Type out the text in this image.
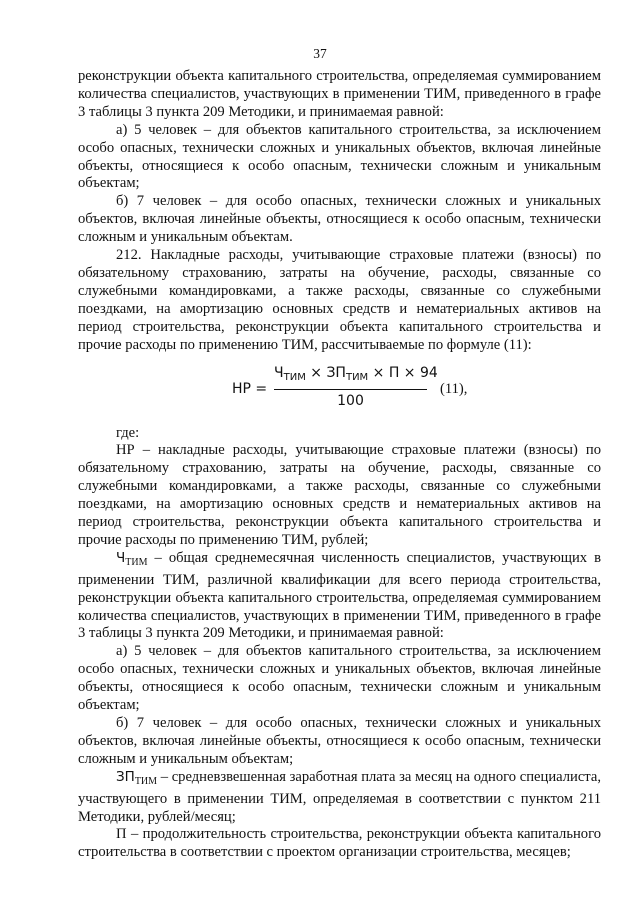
37

реконструкции объекта капитального строительства, определяемая суммированием количества специалистов, участвующих в применении ТИМ, приведенного в графе 3 таблицы 3 пункта 209 Методики, и принимаемая равной:

а) 5 человек – для объектов капитального строительства, за исключением особо опасных, технически сложных и уникальных объектов, включая линейные объекты, относящиеся к особо опасным, технически сложным и уникальным объектам;

б) 7 человек – для особо опасных, технически сложных и уникальных объектов, включая линейные объекты, относящиеся к особо опасным, технически сложным и уникальным объектам.

212. Накладные расходы, учитывающие страховые платежи (взносы) по обязательному страхованию, затраты на обучение, расходы, связанные со служебными командировками, а также расходы, связанные со служебными поездками, на амортизацию основных средств и нематериальных активов на период строительства, реконструкции объекта капитального строительства и прочие расходы по применению ТИМ, рассчитываемые по формуле (11):

НР =
$Ч_{ТИМ} \times ЗП_{ТИМ} \times П \times 94$
100
(11),

где:

НР – накладные расходы, учитывающие страховые платежи (взносы) по обязательному страхованию, затраты на обучение, расходы, связанные со служебными командировками, а также расходы, связанные со служебными поездками, на амортизацию основных средств и нематериальных активов на период строительства, реконструкции объекта капитального строительства и прочие расходы по применению ТИМ, рублей;

$Ч_{ТИМ}$ – общая среднемесячная численность специалистов, участвующих в применении ТИМ, различной квалификации для всего периода строительства, реконструкции объекта капитального строительства, определяемая суммированием количества специалистов, участвующих в применении ТИМ, приведенного в графе 3 таблицы 3 пункта 209 Методики, и принимаемая равной:

а) 5 человек – для объектов капитального строительства, за исключением особо опасных, технически сложных и уникальных объектов, включая линейные объекты, относящиеся к особо опасным, технически сложным и уникальным объектам;

б) 7 человек – для особо опасных, технически сложных и уникальных объектов, включая линейные объекты, относящиеся к особо опасным, технически сложным и уникальным объектам;

$ЗП_{ТИМ}$ – средневзвешенная заработная плата за месяц на одного специалиста, участвующего в применении ТИМ, определяемая в соответствии с пунктом 211 Методики, рублей/месяц;

П – продолжительность строительства, реконструкции объекта капитального строительства в соответствии с проектом организации строительства, месяцев;
